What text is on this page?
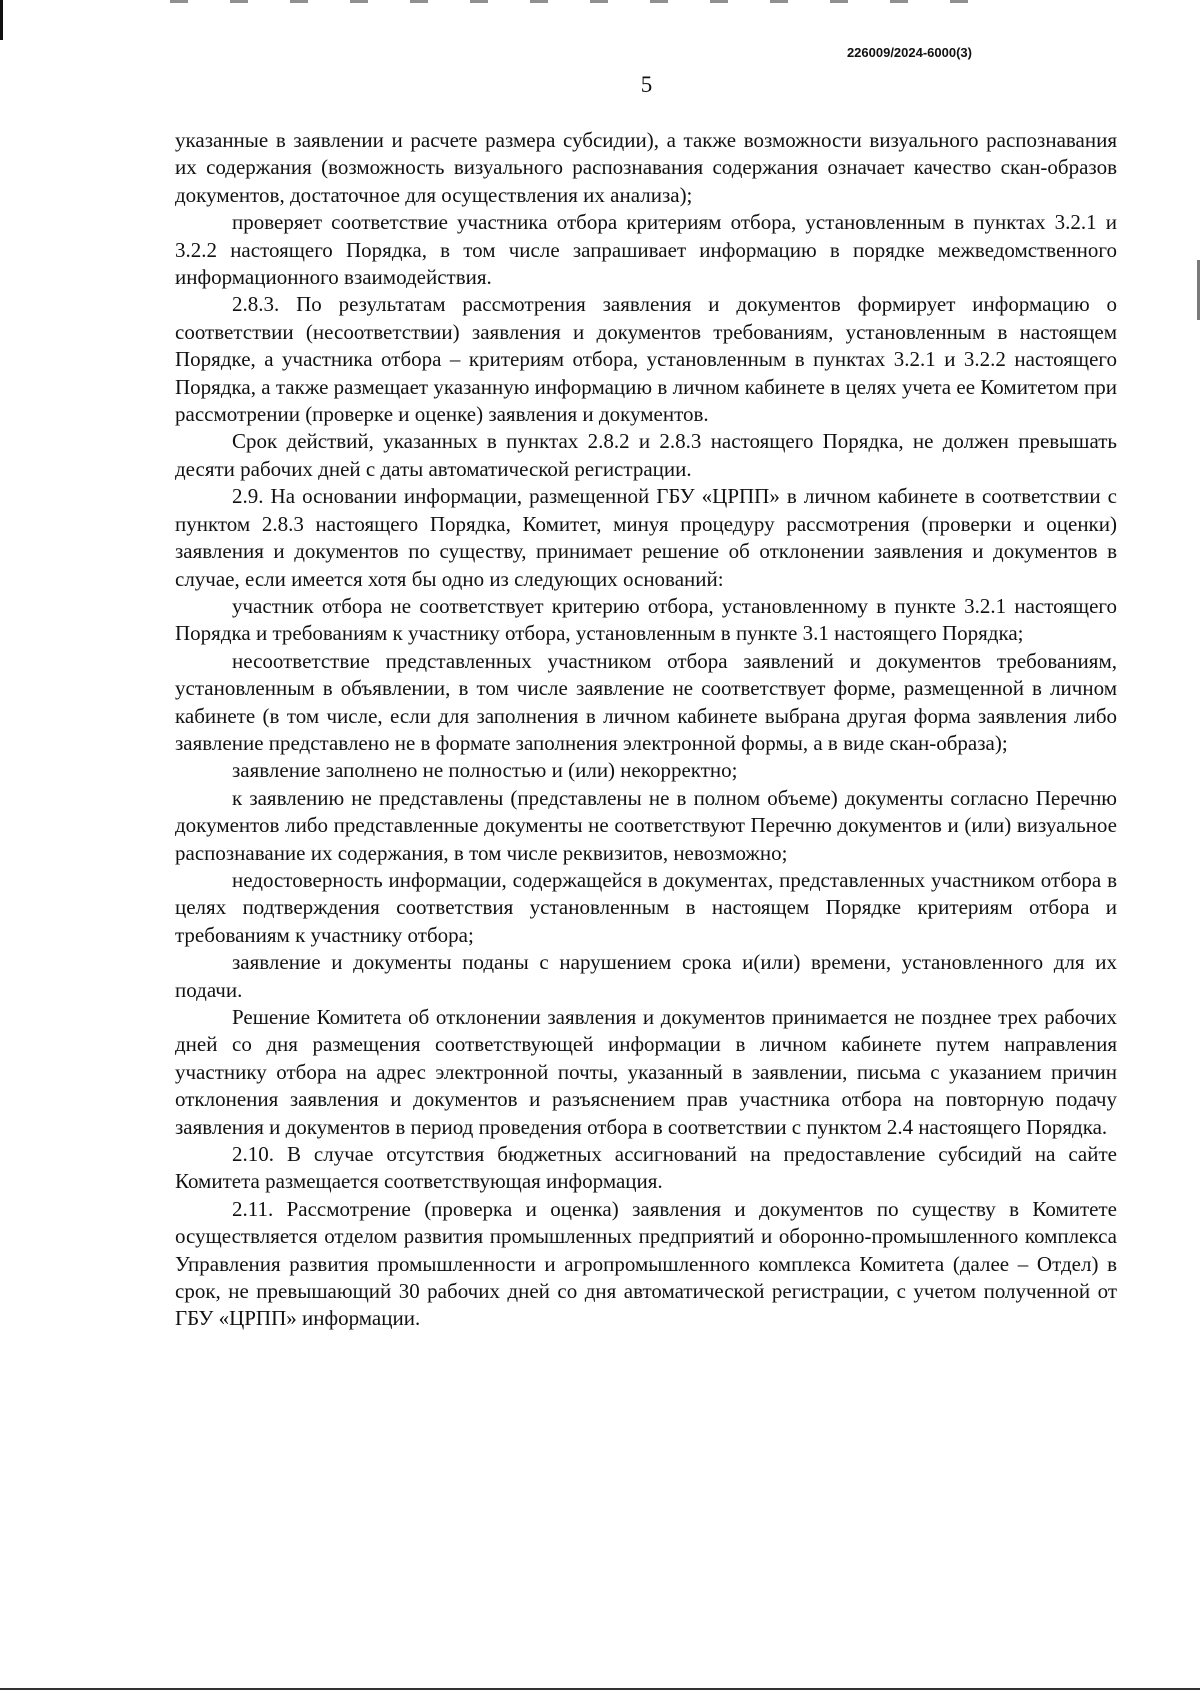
226009/2024-6000(3)
5

указанные в заявлении и расчете размера субсидии), а также возможности визуального распознавания их содержания (возможность визуального распознавания содержания означает качество скан-образов документов, достаточное для осуществления их анализа);

проверяет соответствие участника отбора критериям отбора, установленным в пунктах 3.2.1 и 3.2.2 настоящего Порядка, в том числе запрашивает информацию в порядке межведомственного информационного взаимодействия.

2.8.3. По результатам рассмотрения заявления и документов формирует информацию о соответствии (несоответствии) заявления и документов требованиям, установленным в настоящем Порядке, а участника отбора – критериям отбора, установленным в пунктах 3.2.1 и 3.2.2 настоящего Порядка, а также размещает указанную информацию в личном кабинете в целях учета ее Комитетом при рассмотрении (проверке и оценке) заявления и документов.

Срок действий, указанных в пунктах 2.8.2 и 2.8.3 настоящего Порядка, не должен превышать десяти рабочих дней с даты автоматической регистрации.

2.9. На основании информации, размещенной ГБУ «ЦРПП» в личном кабинете в соответствии с пунктом 2.8.3 настоящего Порядка, Комитет, минуя процедуру рассмотрения (проверки и оценки) заявления и документов по существу, принимает решение об отклонении заявления и документов в случае, если имеется хотя бы одно из следующих оснований:

участник отбора не соответствует критерию отбора, установленному в пункте 3.2.1 настоящего Порядка и требованиям к участнику отбора, установленным в пункте 3.1 настоящего Порядка;

несоответствие представленных участником отбора заявлений и документов требованиям, установленным в объявлении, в том числе заявление не соответствует форме, размещенной в личном кабинете (в том числе, если для заполнения в личном кабинете выбрана другая форма заявления либо заявление представлено не в формате заполнения электронной формы, а в виде скан-образа);

заявление заполнено не полностью и (или) некорректно;

к заявлению не представлены (представлены не в полном объеме) документы согласно Перечню документов либо представленные документы не соответствуют Перечню документов и (или) визуальное распознавание их содержания, в том числе реквизитов, невозможно;

недостоверность информации, содержащейся в документах, представленных участником отбора в целях подтверждения соответствия установленным в настоящем Порядке критериям отбора и требованиям к участнику отбора;

заявление и документы поданы с нарушением срока и(или) времени, установленного для их подачи.

Решение Комитета об отклонении заявления и документов принимается не позднее трех рабочих дней со дня размещения соответствующей информации в личном кабинете путем направления участнику отбора на адрес электронной почты, указанный в заявлении, письма с указанием причин отклонения заявления и документов и разъяснением прав участника отбора на повторную подачу заявления и документов в период проведения отбора в соответствии с пунктом 2.4 настоящего Порядка.

2.10. В случае отсутствия бюджетных ассигнований на предоставление субсидий на сайте Комитета размещается соответствующая информация.

2.11. Рассмотрение (проверка и оценка) заявления и документов по существу в Комитете осуществляется отделом развития промышленных предприятий и оборонно-промышленного комплекса Управления развития промышленности и агропромышленного комплекса Комитета (далее – Отдел) в срок, не превышающий 30 рабочих дней со дня автоматической регистрации, с учетом полученной от ГБУ «ЦРПП» информации.
